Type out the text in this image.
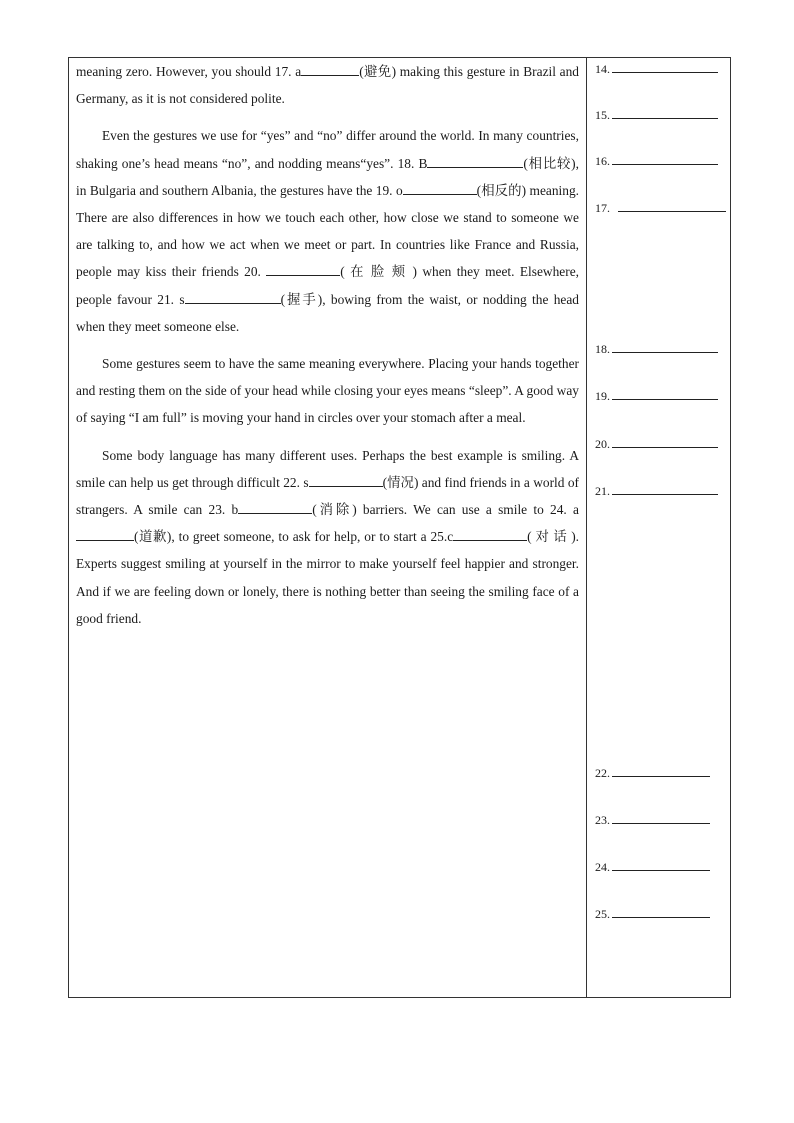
meaning zero. However, you should 17. a	(避免) making this gesture in Brazil and Germany, as it is not considered polite.

Even the gestures we use for “yes” and “no” differ around the world. In many countries, shaking one’s head means “no”, and nodding means“yes”. 18. B	(相比较), in Bulgaria and southern Albania, the gestures have the 19. o	(相反的) meaning. There are also differences in how we touch each other, how close we stand to someone we are talking to, and how we act when we meet or part. In countries like France and Russia, people may kiss their friends 20.	( 在 脸 颊 ) when they meet. Elsewhere, people favour 21. s	(握手), bowing from the waist, or nodding the head when they meet someone else.

Some gestures seem to have the same meaning everywhere. Placing your hands together and resting them on the side of your head while closing your eyes means “sleep”. A good way of saying “I am full” is moving your hand in circles over your stomach after a meal.

Some body language has many different uses. Perhaps the best example is smiling. A smile can help us get through difficult 22. s	(情况) and find friends in a world of strangers. A smile can 23. b	(消除) barriers. We can use a smile to 24. a(道歉), to greet someone, to ask for help, or to start a 25.c	( 对 话 ). Experts suggest smiling at yourself in the mirror to make yourself feel happier and stronger. And if we are feeling down or lonely, there is nothing better than seeing the smiling face of a good friend.

14.
15.
16.
17.
18.
19.
20.
21.
22.
23.
24.
25.
